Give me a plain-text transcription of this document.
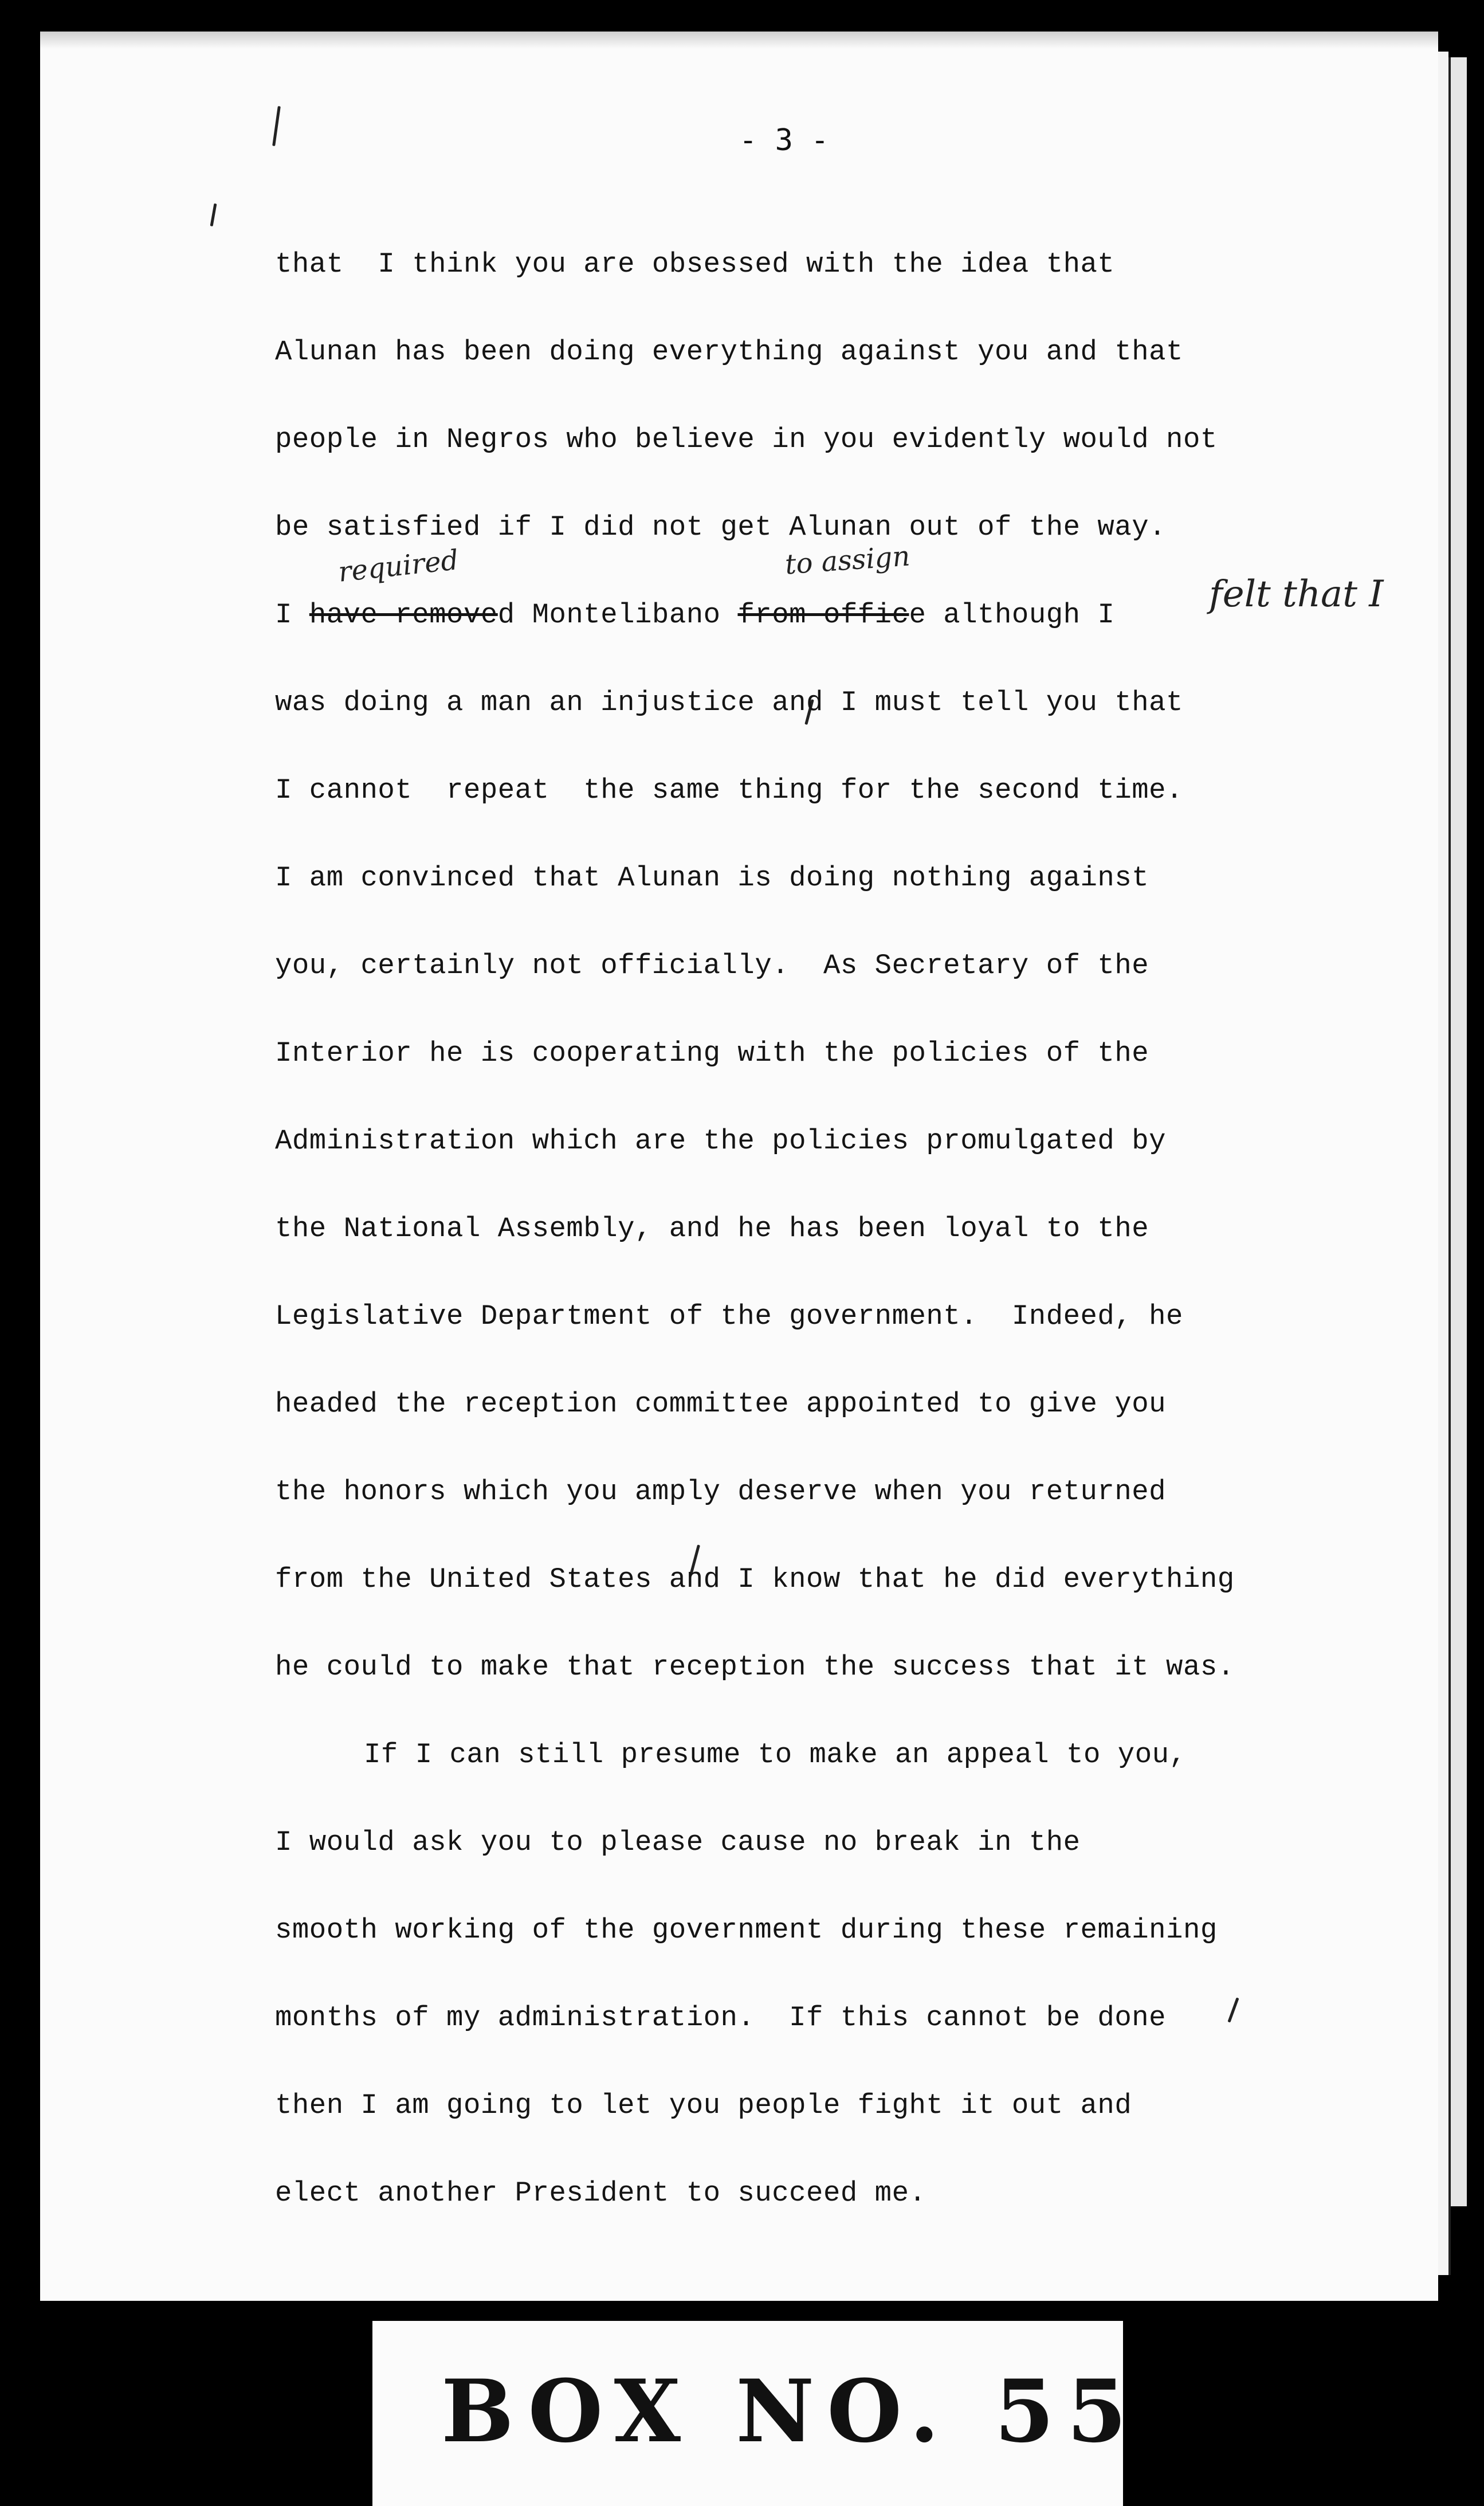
- 3 -
required	to assign
felt that I
that  I think you are obsessed with the idea that
Alunan has been doing everything against you and that
people in Negros who believe in you evidently would not
be satisfied if I did not get Alunan out of the way.
I have removed Montelibano from office although I
was doing a man an injustice and I must tell you that
I cannot  repeat  the same thing for the second time.
I am convinced that Alunan is doing nothing against
you, certainly not officially.  As Secretary of the
Interior he is cooperating with the policies of the
Administration which are the policies promulgated by
the National Assembly, and he has been loyal to the
Legislative Department of the government.  Indeed, he
headed the reception committee appointed to give you
the honors which you amply deserve when you returned
from the United States and I know that he did everything
he could to make that reception the success that it was.
If I can still presume to make an appeal to you,
I would ask you to please cause no break in the
smooth working of the government during these remaining
months of my administration.  If this cannot be done
then I am going to let you people fight it out and
elect another President to succeed me.
BOX NO. 55
